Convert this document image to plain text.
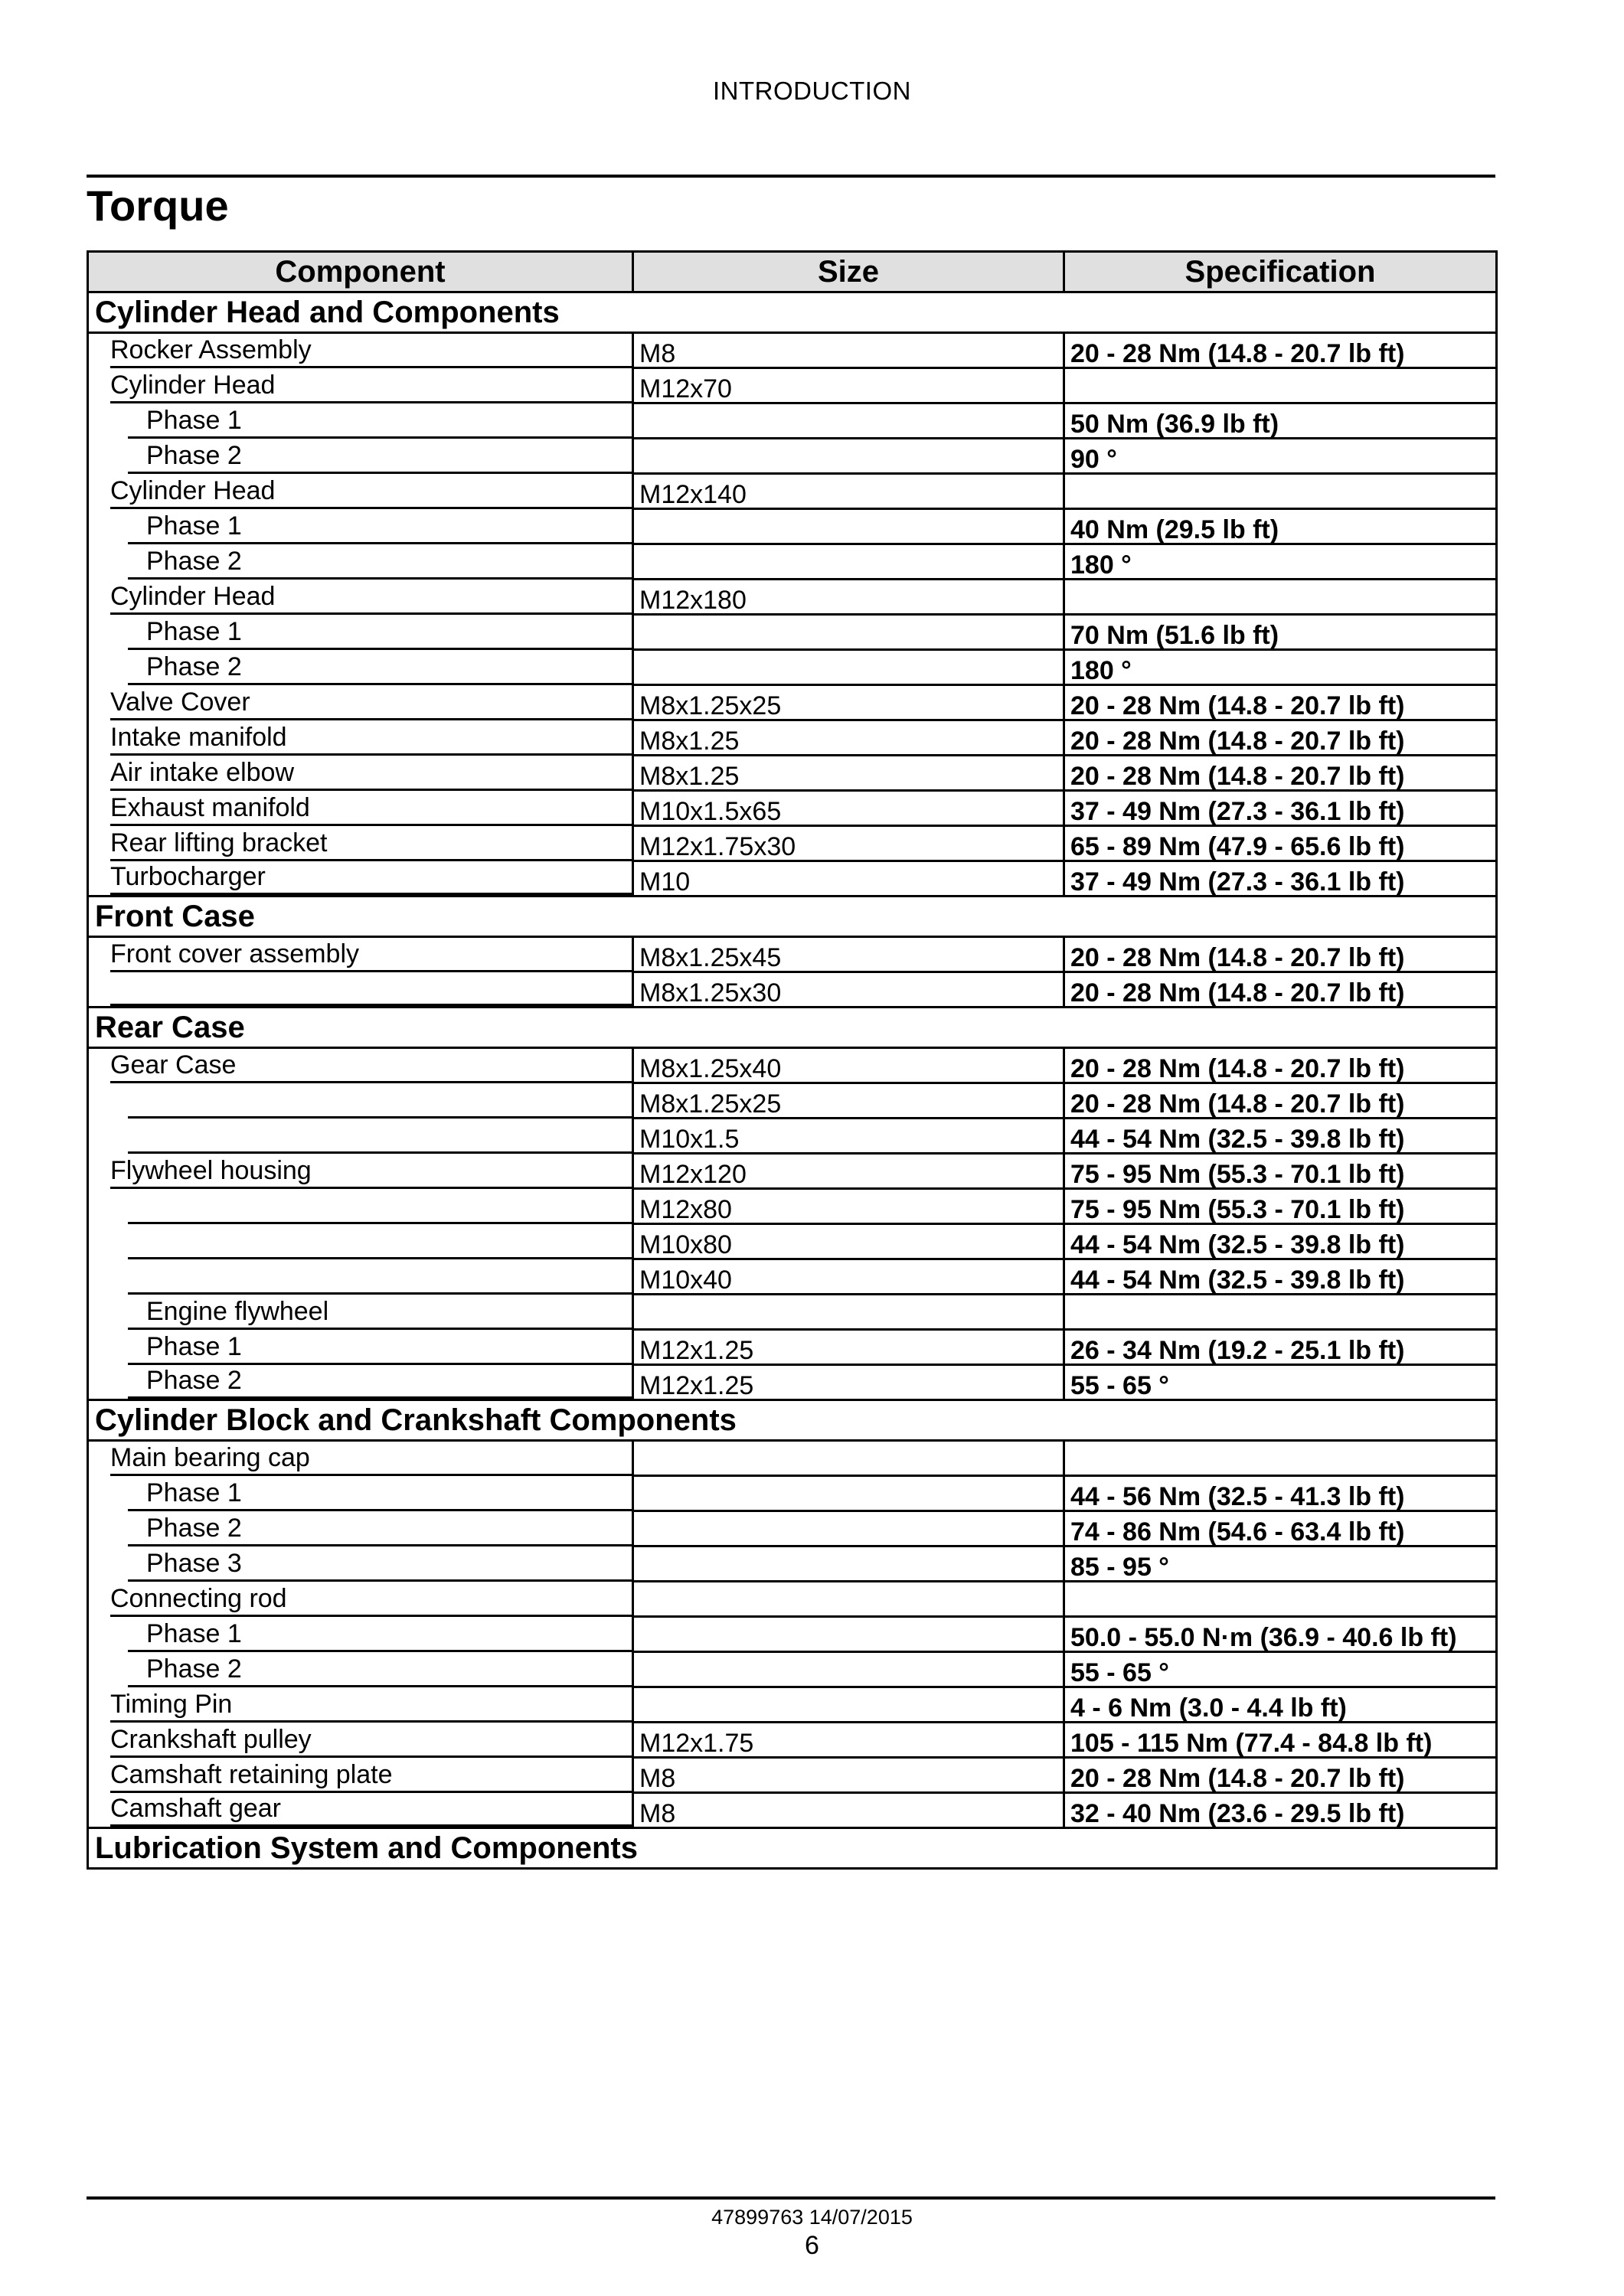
INTRODUCTION
Torque
Component	Size	Specification
Cylinder Head and Components		

Rocker Assembly	M8	20 - 28 Nm (14.8 - 20.7 lb ft)

Cylinder Head	M12x70	

Phase 1		50 Nm (36.9 lb ft)

Phase 2		90 °

Cylinder Head	M12x140	

Phase 1		40 Nm (29.5 lb ft)

Phase 2		180 °

Cylinder Head	M12x180	

Phase 1		70 Nm (51.6 lb ft)

Phase 2		180 °

Valve Cover	M8x1.25x25	20 - 28 Nm (14.8 - 20.7 lb ft)

Intake manifold	M8x1.25	20 - 28 Nm (14.8 - 20.7 lb ft)

Air intake elbow	M8x1.25	20 - 28 Nm (14.8 - 20.7 lb ft)

Exhaust manifold	M10x1.5x65	37 - 49 Nm (27.3 - 36.1 lb ft)

Rear lifting bracket	M12x1.75x30	65 - 89 Nm (47.9 - 65.6 lb ft)

Turbocharger	M10	37 - 49 Nm (27.3 - 36.1 lb ft)
Front Case		

Front cover assembly	M8x1.25x45	20 - 28 Nm (14.8 - 20.7 lb ft)

	M8x1.25x30	20 - 28 Nm (14.8 - 20.7 lb ft)
Rear Case		

Gear Case	M8x1.25x40	20 - 28 Nm (14.8 - 20.7 lb ft)

	M8x1.25x25	20 - 28 Nm (14.8 - 20.7 lb ft)

	M10x1.5	44 - 54 Nm (32.5 - 39.8 lb ft)

Flywheel housing	M12x120	75 - 95 Nm (55.3 - 70.1 lb ft)

	M12x80	75 - 95 Nm (55.3 - 70.1 lb ft)

	M10x80	44 - 54 Nm (32.5 - 39.8 lb ft)

	M10x40	44 - 54 Nm (32.5 - 39.8 lb ft)

Engine flywheel		

Phase 1	M12x1.25	26 - 34 Nm (19.2 - 25.1 lb ft)

Phase 2	M12x1.25	55 - 65 °
Cylinder Block and Crankshaft Components		

Main bearing cap		

Phase 1		44 - 56 Nm (32.5 - 41.3 lb ft)

Phase 2		74 - 86 Nm (54.6 - 63.4 lb ft)

Phase 3		85 - 95 °

Connecting rod		

Phase 1		50.0 - 55.0 N·m (36.9 - 40.6 lb ft)

Phase 2		55 - 65 °

Timing Pin		4 - 6 Nm (3.0 - 4.4 lb ft)

Crankshaft pulley	M12x1.75	105 - 115 Nm (77.4 - 84.8 lb ft)

Camshaft retaining plate	M8	20 - 28 Nm (14.8 - 20.7 lb ft)

Camshaft gear	M8	32 - 40 Nm (23.6 - 29.5 lb ft)
Lubrication System and Components		
47899763 14/07/2015
6
